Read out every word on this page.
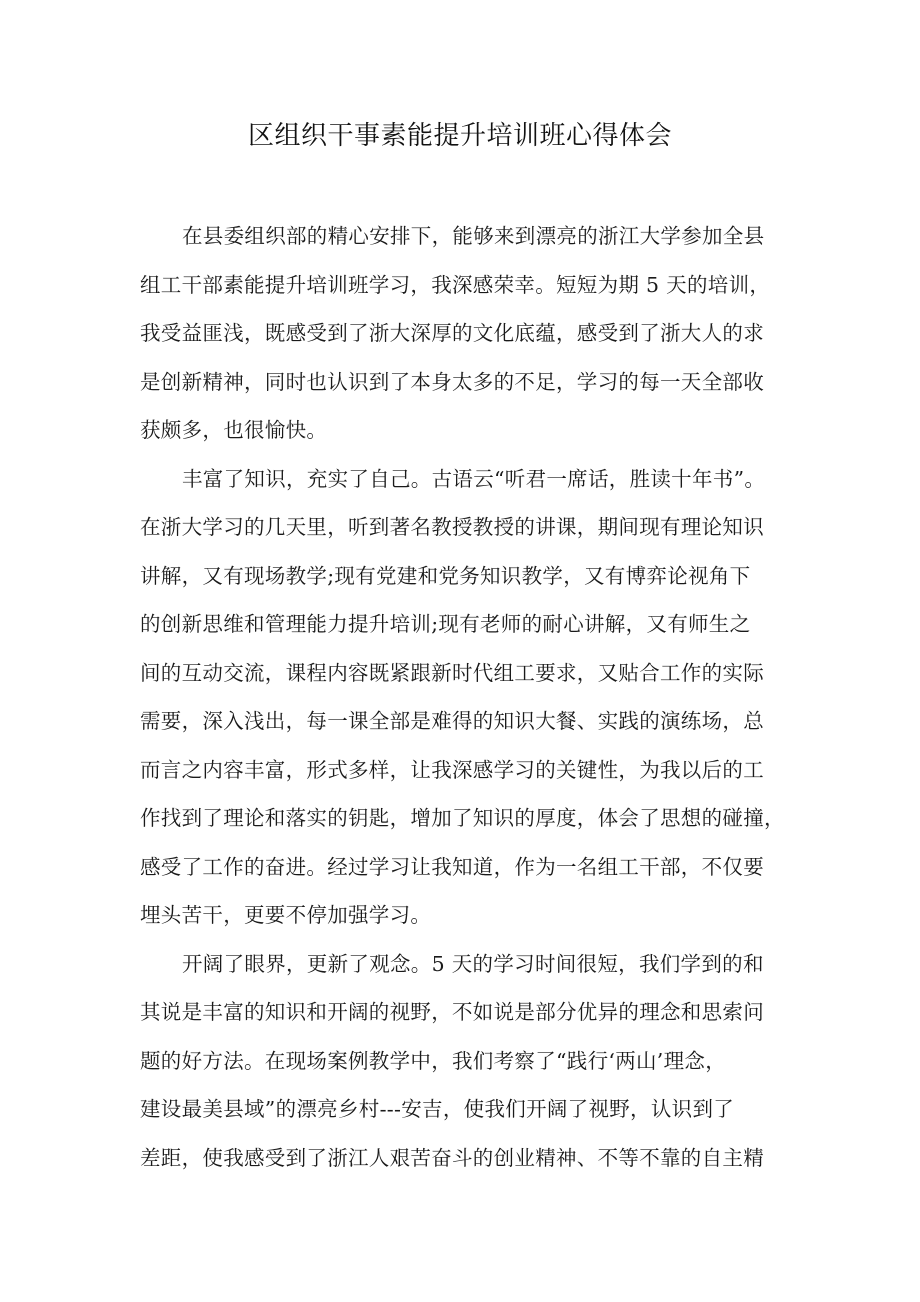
区组织干事素能提升培训班心得体会
在县委组织部的精心安排下，能够来到漂亮的浙江大学参加全县
组工干部素能提升培训班学习，我深感荣幸。短短为期 5 天的培训，
我受益匪浅，既感受到了浙大深厚的文化底蕴，感受到了浙大人的求
是创新精神，同时也认识到了本身太多的不足，学习的每一天全部收
获颇多，也很愉快。
丰富了知识，充实了自己。古语云“听君一席话，胜读十年书”。
在浙大学习的几天里，听到著名教授教授的讲课，期间现有理论知识
讲解，又有现场教学;现有党建和党务知识教学，又有博弈论视角下
的创新思维和管理能力提升培训;现有老师的耐心讲解，又有师生之
间的互动交流，课程内容既紧跟新时代组工要求，又贴合工作的实际
需要，深入浅出，每一课全部是难得的知识大餐、实践的演练场，总
而言之内容丰富，形式多样，让我深感学习的关键性，为我以后的工
作找到了理论和落实的钥匙，增加了知识的厚度，体会了思想的碰撞，
感受了工作的奋进。经过学习让我知道，作为一名组工干部，不仅要
埋头苦干，更要不停加强学习。
开阔了眼界，更新了观念。5 天的学习时间很短，我们学到的和
其说是丰富的知识和开阔的视野，不如说是部分优异的理念和思索问
题的好方法。在现场案例教学中，我们考察了“践行‘两山’理念，
建设最美县域”的漂亮乡村---安吉，使我们开阔了视野，认识到了
差距，使我感受到了浙江人艰苦奋斗的创业精神、不等不靠的自主精
